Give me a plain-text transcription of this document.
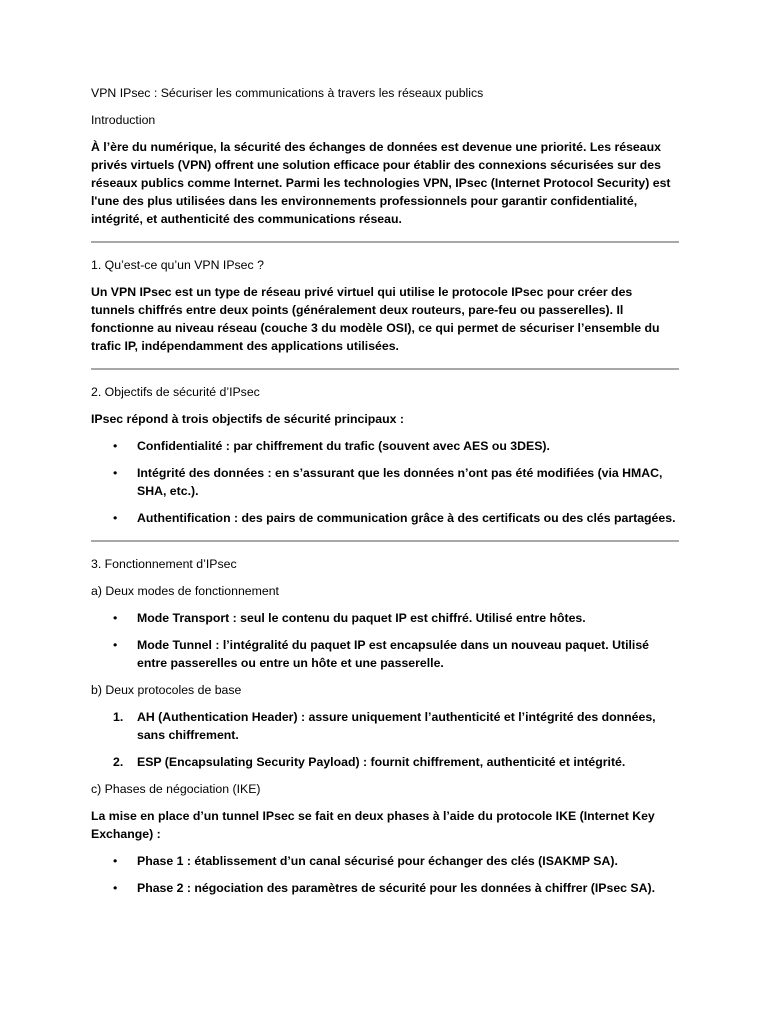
VPN IPsec : Sécuriser les communications à travers les réseaux publics

Introduction

À l’ère du numérique, la sécurité des échanges de données est devenue une priorité. Les réseaux privés virtuels (VPN) offrent une solution efficace pour établir des connexions sécurisées sur des réseaux publics comme Internet. Parmi les technologies VPN, IPsec (Internet Protocol Security) est l'une des plus utilisées dans les environnements professionnels pour garantir confidentialité, intégrité, et authenticité des communications réseau.

1. Qu’est-ce qu’un VPN IPsec ?

Un VPN IPsec est un type de réseau privé virtuel qui utilise le protocole IPsec pour créer des tunnels chiffrés entre deux points (généralement deux routeurs, pare-feu ou passerelles). Il fonctionne au niveau réseau (couche 3 du modèle OSI), ce qui permet de sécuriser l’ensemble du trafic IP, indépendamment des applications utilisées.

2. Objectifs de sécurité d’IPsec

IPsec répond à trois objectifs de sécurité principaux :

• Confidentialité : par chiffrement du trafic (souvent avec AES ou 3DES).
• Intégrité des données : en s’assurant que les données n’ont pas été modifiées (via HMAC, SHA, etc.).
• Authentification : des pairs de communication grâce à des certificats ou des clés partagées.

3. Fonctionnement d’IPsec

a) Deux modes de fonctionnement

• Mode Transport : seul le contenu du paquet IP est chiffré. Utilisé entre hôtes.
• Mode Tunnel : l’intégralité du paquet IP est encapsulée dans un nouveau paquet. Utilisé entre passerelles ou entre un hôte et une passerelle.

b) Deux protocoles de base

1. AH (Authentication Header) : assure uniquement l’authenticité et l’intégrité des données, sans chiffrement.
2. ESP (Encapsulating Security Payload) : fournit chiffrement, authenticité et intégrité.

c) Phases de négociation (IKE)

La mise en place d’un tunnel IPsec se fait en deux phases à l’aide du protocole IKE (Internet Key Exchange) :

• Phase 1 : établissement d’un canal sécurisé pour échanger des clés (ISAKMP SA).
• Phase 2 : négociation des paramètres de sécurité pour les données à chiffrer (IPsec SA).
